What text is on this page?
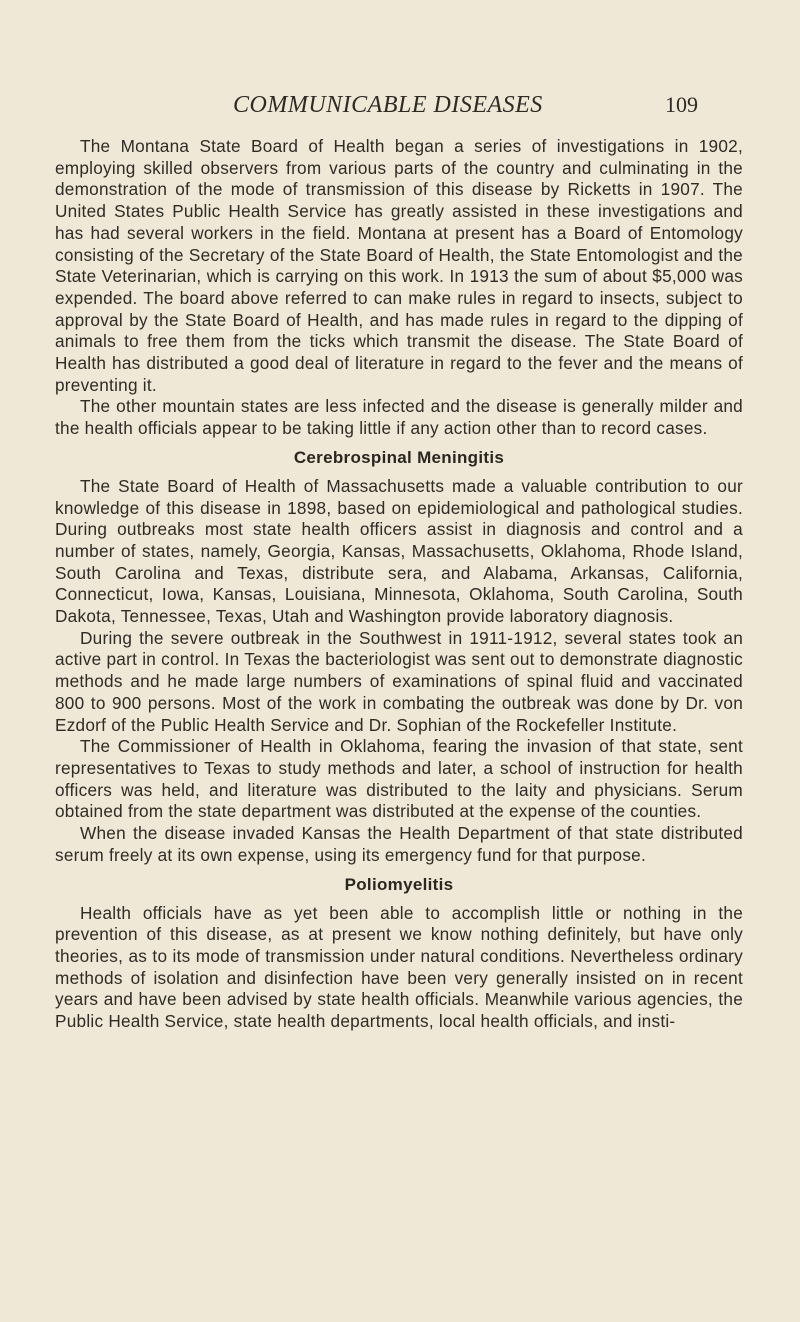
COMMUNICABLE DISEASES	109

The Montana State Board of Health began a series of investigations in 1902, employing skilled observers from various parts of the country and culminating in the demonstration of the mode of transmission of this disease by Ricketts in 1907. The United States Public Health Service has greatly assisted in these investigations and has had several workers in the field. Montana at present has a Board of Entomology consisting of the Secretary of the State Board of Health, the State Entomologist and the State Veterinarian, which is carrying on this work. In 1913 the sum of about $5,000 was expended. The board above referred to can make rules in regard to insects, subject to approval by the State Board of Health, and has made rules in regard to the dipping of animals to free them from the ticks which transmit the disease. The State Board of Health has distributed a good deal of literature in regard to the fever and the means of preventing it.

The other mountain states are less infected and the disease is generally milder and the health officials appear to be taking little if any action other than to record cases.

Cerebrospinal Meningitis

The State Board of Health of Massachusetts made a valuable contribution to our knowledge of this disease in 1898, based on epidemiological and pathological studies. During outbreaks most state health officers assist in diagnosis and control and a number of states, namely, Georgia, Kansas, Massachusetts, Oklahoma, Rhode Island, South Carolina and Texas, distribute sera, and Alabama, Arkansas, California, Connecticut, Iowa, Kansas, Louisiana, Minnesota, Oklahoma, South Carolina, South Dakota, Tennessee, Texas, Utah and Washington provide laboratory diagnosis.

During the severe outbreak in the Southwest in 1911-1912, several states took an active part in control. In Texas the bacteriologist was sent out to demonstrate diagnostic methods and he made large numbers of examinations of spinal fluid and vaccinated 800 to 900 persons. Most of the work in combating the outbreak was done by Dr. von Ezdorf of the Public Health Service and Dr. Sophian of the Rockefeller Institute.

The Commissioner of Health in Oklahoma, fearing the invasion of that state, sent representatives to Texas to study methods and later, a school of instruction for health officers was held, and literature was distributed to the laity and physicians. Serum obtained from the state department was distributed at the expense of the counties.

When the disease invaded Kansas the Health Department of that state distributed serum freely at its own expense, using its emergency fund for that purpose.

Poliomyelitis

Health officials have as yet been able to accomplish little or nothing in the prevention of this disease, as at present we know nothing definitely, but have only theories, as to its mode of transmission under natural conditions. Nevertheless ordinary methods of isolation and disinfection have been very generally insisted on in recent years and have been advised by state health officials. Meanwhile various agencies, the Public Health Service, state health departments, local health officials, and insti-
